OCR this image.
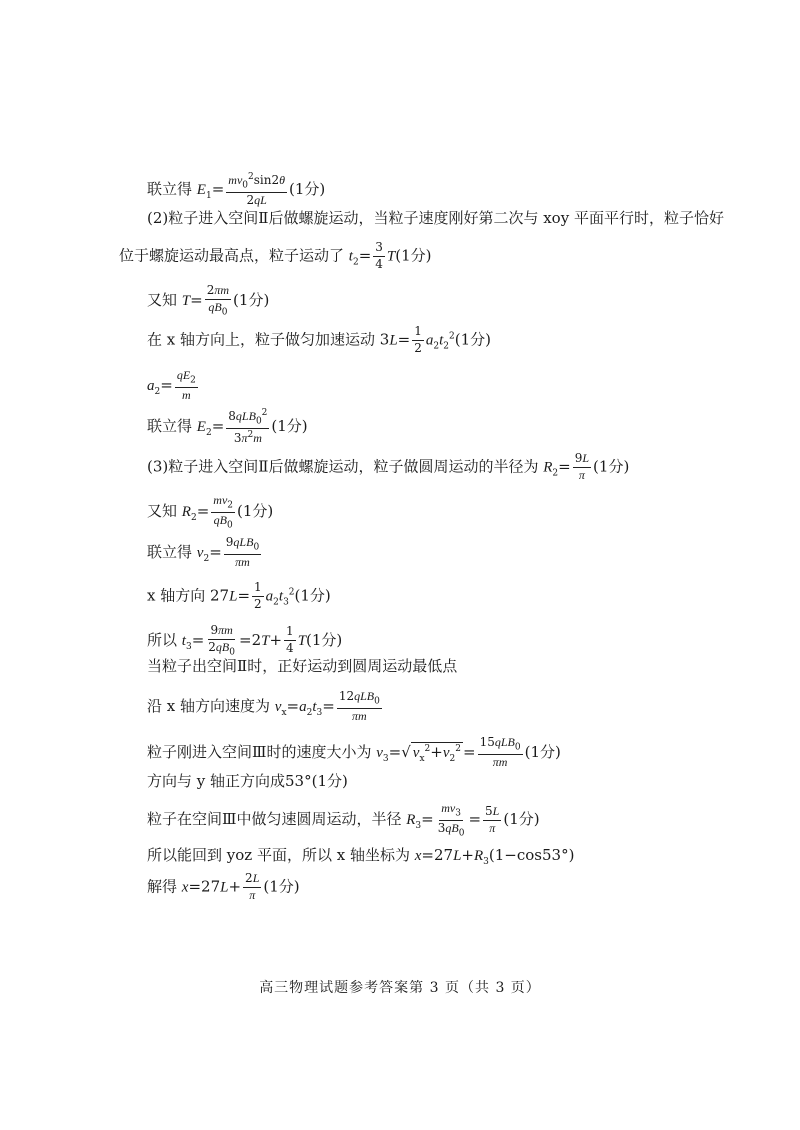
联立得 $E_1= \frac{mv_0^2\sin 2\theta}{2qL} (1$分)
(2)粒子进入空间Ⅱ后做螺旋运动，当粒子速度刚好第二次与 xoy 平面平行时，粒子恰好
位于螺旋运动最高点，粒子运动了 $t_2= \frac{3}{4} T(1$分)
又知 $T= \frac{2\pi m}{qB_0} (1$分)
在 x 轴方向上，粒子做匀加速运动 $3L= \frac{1}{2} a_2t_2^2(1$分)
$a_2= \frac{qE_2}{m}$
联立得 $E_2= \frac{8qLB_0^2}{3\pi^2m} (1$分)
(3)粒子进入空间Ⅱ后做螺旋运动，粒子做圆周运动的半径为 $R_2= \frac{9L}{\pi} (1$分)
又知 $R_2= \frac{mv_2}{qB_0} (1$分)
联立得 $v_2= \frac{9qLB_0}{\pi m}$
x 轴方向 $27L= \frac{1}{2} a_2t_3^2(1$分)
所以 $t_3= \frac{9\pi m}{2qB_0} =2T+ \frac{1}{4} T(1$分)
当粒子出空间Ⅱ时，正好运动到圆周运动最低点
沿 x 轴方向速度为 $v_x=a_2t_3= \frac{12qLB_0}{\pi m}$
粒子刚进入空间Ⅲ时的速度大小为 $v_3=√$ $v_x^2+v_2^2 = \frac{15qLB_0}{\pi m} (1$分)
方向与 y 轴正方向成53°(1分)
粒子在空间Ⅲ中做匀速圆周运动，半径 $R_3= \frac{mv_3}{3qB_0} = \frac{5L}{\pi} (1$分)
所以能回到 yoz 平面，所以 x 轴坐标为 $x=27L+R_3(1-\cos 53^\circ)$
解得 $x=27L+ \frac{2L}{\pi} (1$分)
高三物理试题参考答案第 3 页（共 3 页）
